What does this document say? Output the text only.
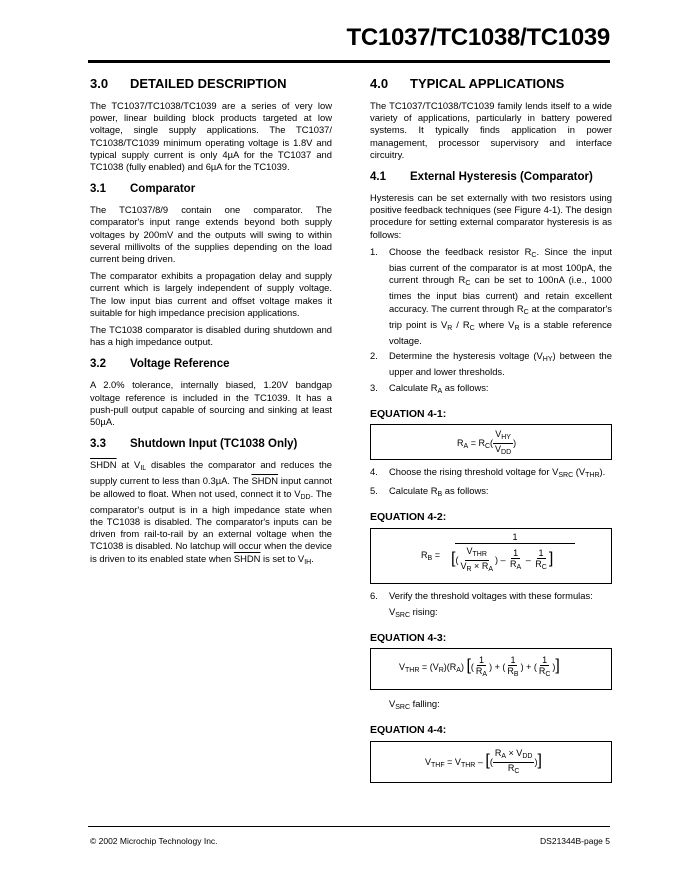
TC1037/TC1038/TC1039
3.0 DETAILED DESCRIPTION

The TC1037/TC1038/TC1039 are a series of very low power, linear building block products targeted at low voltage, single supply applications. The TC1037/ TC1038/TC1039 minimum operating voltage is 1.8V and typical supply current is only 4µA for the TC1037 and TC1038 (fully enabled) and 6µA for the TC1039.

3.1 Comparator

The TC1037/8/9 contain one comparator. The comparator's input range extends beyond both supply voltages by 200mV and the outputs will swing to within several millivolts of the supplies depending on the load current being driven.

The comparator exhibits a propagation delay and supply current which is largely independent of supply voltage. The low input bias current and offset voltage makes it suitable for high impedance precision applications.

The TC1038 comparator is disabled during shutdown and has a high impedance output.

3.2 Voltage Reference

A 2.0% tolerance, internally biased, 1.20V bandgap voltage reference is included in the TC1039. It has a push-pull output capable of sourcing and sinking at least 50µA.

3.3 Shutdown Input (TC1038 Only)

SHDN at $V_{IL}$ disables the comparator and reduces the supply current to less than 0.3µA. The SHDN input cannot be allowed to float. When not used, connect it to $V_{DD}$. The comparator's output is in a high impedance state when the TC1038 is disabled. The comparator's inputs can be driven from rail-to-rail by an external voltage when the TC1038 is disabled. No latchup will occur when the device is driven to its enabled state when SHDN is set to $V_{IH}$.

4.0 TYPICAL APPLICATIONS

The TC1037/TC1038/TC1039 family lends itself to a wide variety of applications, particularly in battery powered systems. It typically finds application in power management, processor supervisory and interface circuitry.

4.1 External Hysteresis (Comparator)

Hysteresis can be set externally with two resistors using positive feedback techniques (see Figure 4-1). The design procedure for setting external comparator hysteresis is as follows:

1. Choose the feedback resistor $R_C$. Since the input bias current of the comparator is at most 100pA, the current through $R_C$ can be set to 100nA (i.e., 1000 times the input bias current) and retain excellent accuracy. The current through $R_C$ at the comparator's trip point is $V_R / R_C$ where $V_R$ is a stable reference voltage.
2. Determine the hysteresis voltage $(V_{HY})$ between the upper and lower thresholds.
3. Calculate $R_A$ as follows:
EQUATION 4-1:
$R_A = R_C( \frac{V_{HY}}{V_{DD}}$ )
4. Choose the rising threshold voltage for $V_{SRC}$ $(V_{THR})$.
5. Calculate $R_B$ as follows:
EQUATION 4-2:
$R_B$ =
1
[( $\frac{V_{THR}}{V_R \times R_A}$ ) – $\frac{1}{R_A} - \frac{1}{R_C}$ ]
6. Verify the threshold voltages with these formulas:
$V_{SRC}$ rising:
EQUATION 4-3:
$V_{THR} = (V_R)(R_A)$ [( $\frac{1}{R_A}$ ) + ( $\frac{1}{R_B}$ ) + ( $\frac{1}{R_C}$ )]
$V_{SRC}$ falling:
EQUATION 4-4:
$V_{THF} = V_{THR}$ – [( $\frac{R_A \times V_{DD}}{R_C}$ )]
© 2002 Microchip Technology Inc.	DS21344B-page 5
